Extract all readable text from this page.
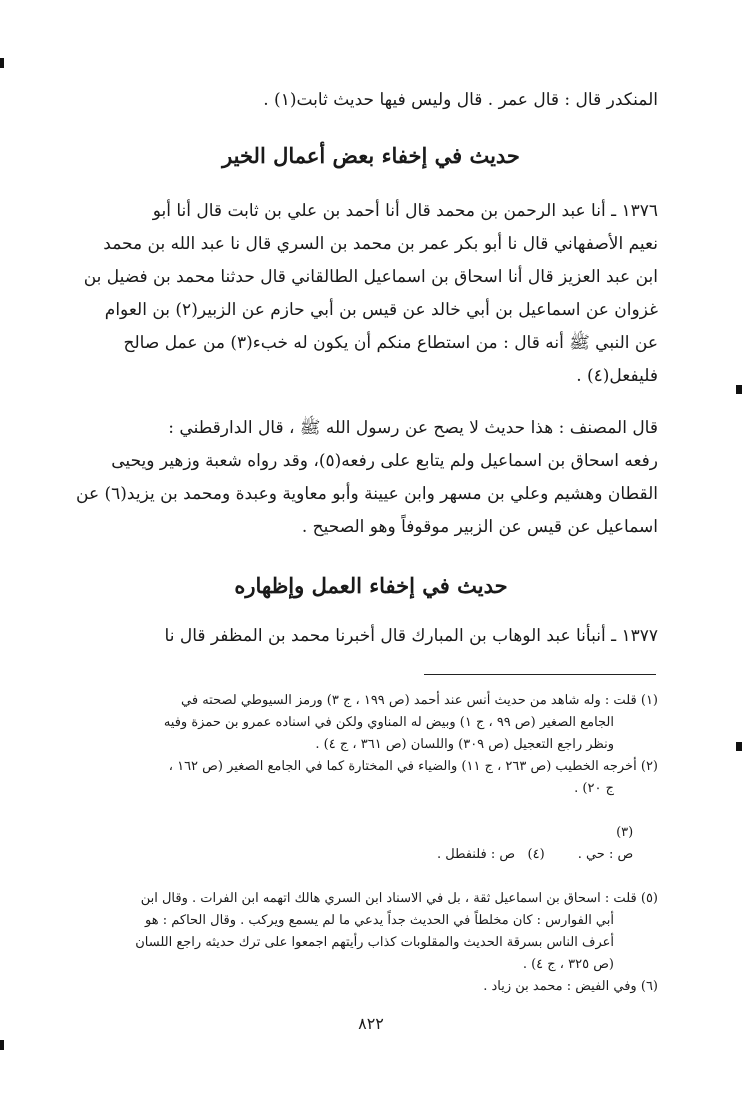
المنكدر قال : قال عمر . قال وليس فيها حديث ثابت(١) .
حديث في إخفاء بعض أعمال الخير
١٣٧٦ ـ أنا عبد الرحمن بن محمد قال أنا أحمد بن علي بن ثابت قال أنا أبو
نعيم الأصفهاني قال نا أبو بكر عمر بن محمد بن السري قال نا عبد الله بن محمد
ابن عبد العزيز قال أنا اسحاق بن اسماعيل الطالقاني قال حدثنا محمد بن فضيل بن
غزوان عن اسماعيل بن أبي خالد عن قيس بن أبي حازم عن الزبير(٢) بن العوام
عن النبي ﷺ أنه قال : من استطاع منكم أن يكون له خبء(٣) من عمل صالح
فليفعل(٤) .
قال المصنف : هذا حديث لا يصح عن رسول الله ﷺ ، قال الدارقطني :
رفعه اسحاق بن اسماعيل ولم يتابع على رفعه(٥)، وقد رواه شعبة وزهير ويحيى
القطان وهشيم وعلي بن مسهر وابن عيينة وأبو معاوية وعبدة ومحمد بن يزيد(٦) عن
اسماعيل عن قيس عن الزبير موقوفاً وهو الصحيح .
حديث في إخفاء العمل وإظهاره
١٣٧٧ ـ أنبأنا عبد الوهاب بن المبارك قال أخبرنا محمد بن المظفر قال نا
(١) قلت : وله شاهد من حديث أنس عند أحمد (ص ١٩٩ ، ج ٣) ورمز السيوطي لصحته في
الجامع الصغير (ص ٩٩ ، ج ١) وبيض له المناوي ولكن في اسناده عمرو بن حمزة وفيه
ونظر راجع التعجيل (ص ٣٠٩) واللسان (ص ٣٦١ ، ج ٤) .
(٢) أخرجه الخطيب (ص ٢٦٣ ، ج ١١) والضياء في المختارة كما في الجامع الصغير (ص ١٦٢ ،
ج ٢٠) .

(٣)
ص : حي .        (٤)   ص : فلنفطل .

(٥) قلت : اسحاق بن اسماعيل ثقة ، بل في الاسناد ابن السري هالك اتهمه ابن الفرات . وقال ابن
أبي الفوارس : كان مخلطاً في الحديث جداً يدعي ما لم يسمع ويركب . وقال الحاكم : هو
أعرف الناس بسرقة الحديث والمقلوبات كذاب رأيتهم اجمعوا على ترك حديثه راجع اللسان
(ص ٣٢٥ ، ج ٤) .
(٦) وفي الفيض : محمد بن زياد .
٨٢٢
